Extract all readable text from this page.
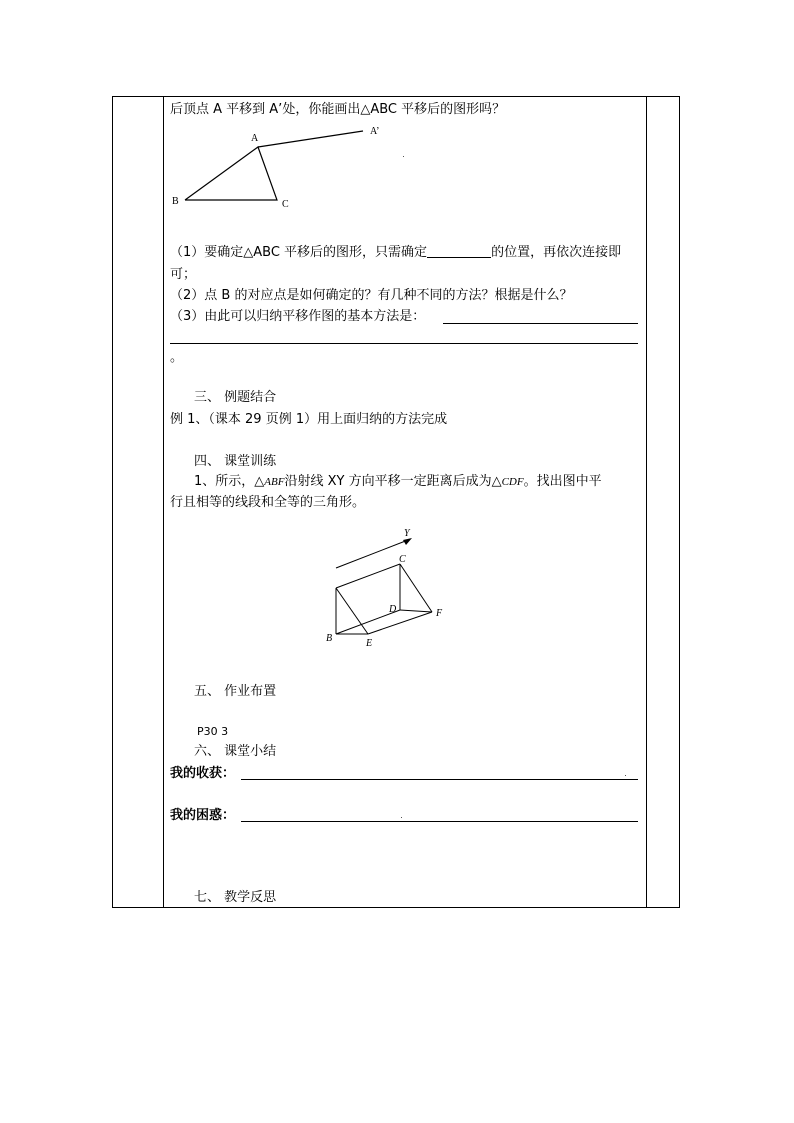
后顶点 A 平移到 A’处，你能画出△ABC 平移后的图形吗？
A
A’
B	C
（1）要确定△ABC 平移后的图形，只需确定	的位置，再依次连接即
可；
（2）点 B 的对应点是如何确定的？有几种不同的方法？根据是什么？
（3）由此可以归纳平移作图的基本方法是：
。
三、 例题结合
例 1、（课本 29 页例 1）用上面归纳的方法完成
四、 课堂训练
1、所示，△ABF沿射线 XY 方向平移一定距离后成为△CDF。找出图中平
行且相等的线段和全等的三角形。
Y
C
D	F
B	E
五、 作业布置
P30 3
六、 课堂小结
我的收获：
我的困惑：
七、 教学反思
